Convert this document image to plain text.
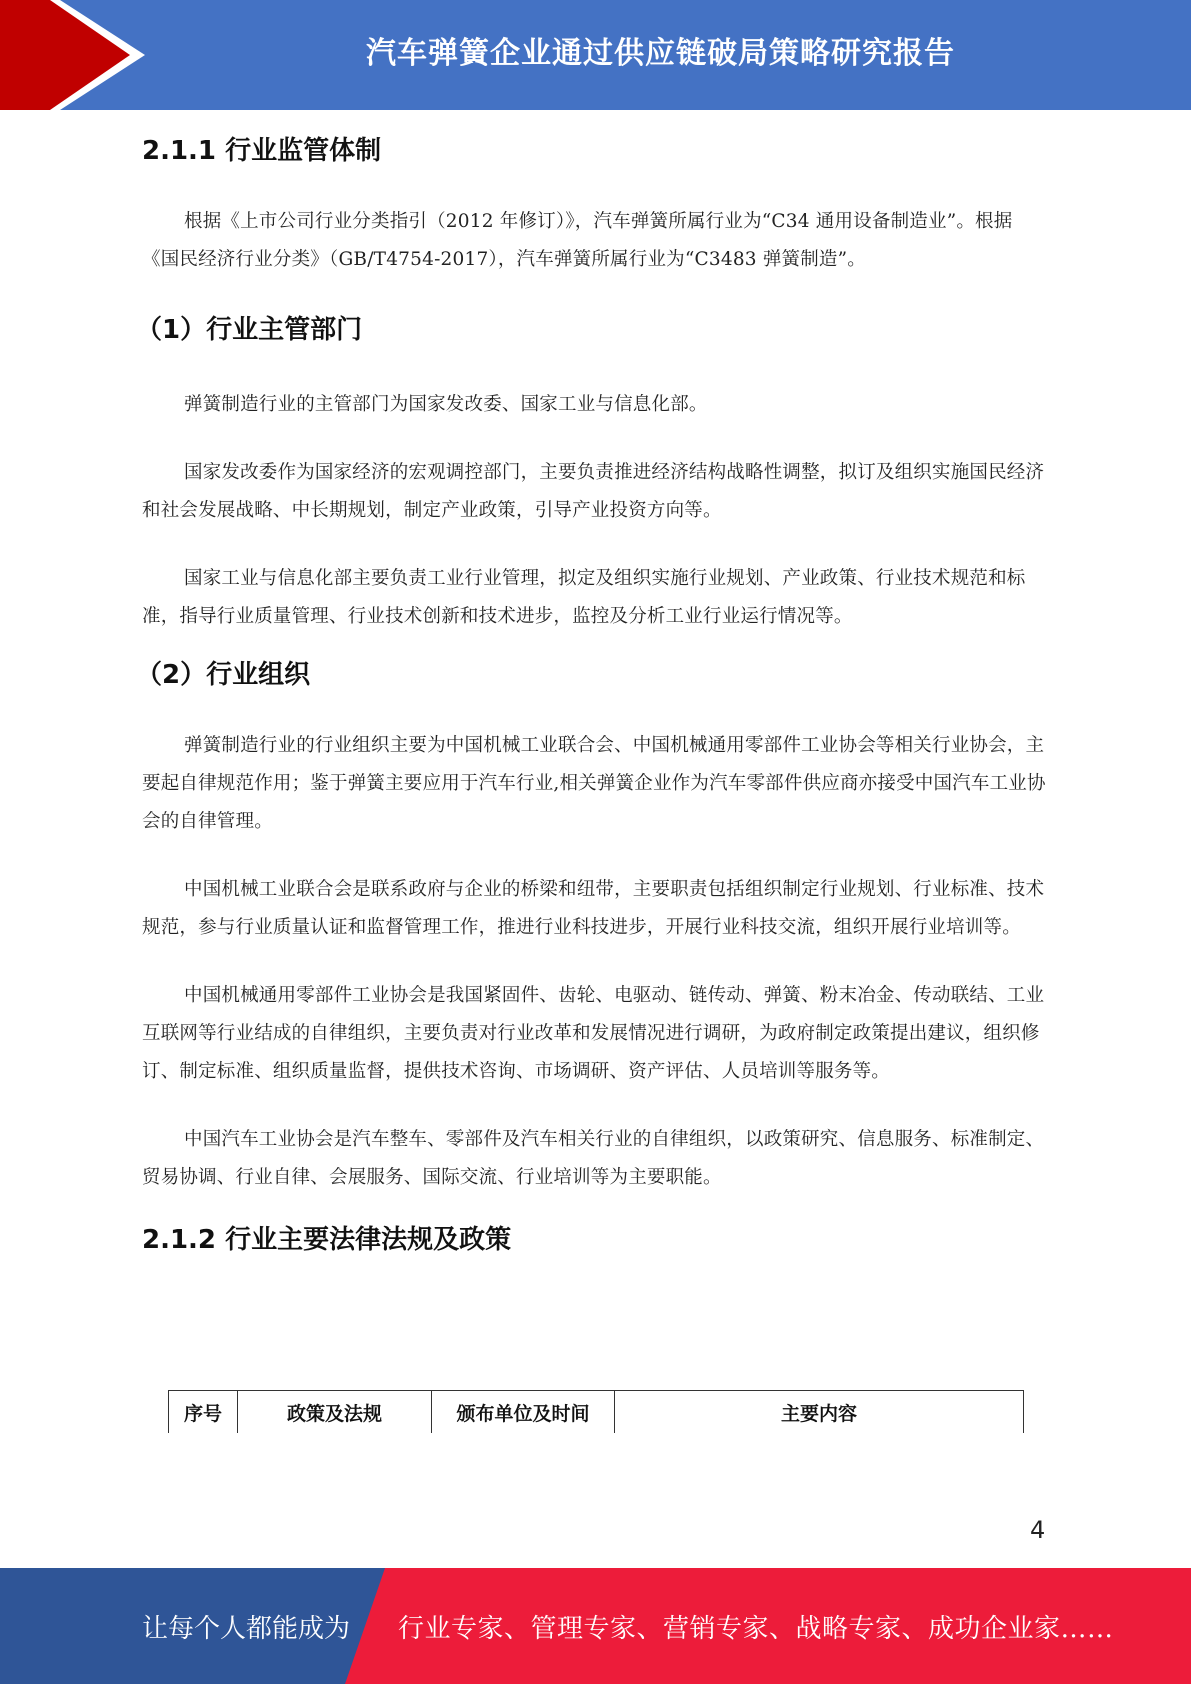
汽车弹簧企业通过供应链破局策略研究报告
2.1.1 行业监管体制

根据《上市公司行业分类指引（2012 年修订）》，汽车弹簧所属行业为“C34 通用设备制造业”。根据《国民经济行业分类》（GB/T4754-2017），汽车弹簧所属行业为“C3483 弹簧制造”。

（1）行业主管部门

弹簧制造行业的主管部门为国家发改委、国家工业与信息化部。

国家发改委作为国家经济的宏观调控部门，主要负责推进经济结构战略性调整，拟订及组织实施国民经济和社会发展战略、中长期规划，制定产业政策，引导产业投资方向等。

国家工业与信息化部主要负责工业行业管理，拟定及组织实施行业规划、产业政策、行业技术规范和标准，指导行业质量管理、行业技术创新和技术进步，监控及分析工业行业运行情况等。

（2）行业组织

弹簧制造行业的行业组织主要为中国机械工业联合会、中国机械通用零部件工业协会等相关行业协会，主要起自律规范作用；鉴于弹簧主要应用于汽车行业,相关弹簧企业作为汽车零部件供应商亦接受中国汽车工业协会的自律管理。

中国机械工业联合会是联系政府与企业的桥梁和纽带，主要职责包括组织制定行业规划、行业标准、技术规范，参与行业质量认证和监督管理工作，推进行业科技进步，开展行业科技交流，组织开展行业培训等。

中国机械通用零部件工业协会是我国紧固件、齿轮、电驱动、链传动、弹簧、粉末冶金、传动联结、工业互联网等行业结成的自律组织，主要负责对行业改革和发展情况进行调研，为政府制定政策提出建议，组织修订、制定标准、组织质量监督，提供技术咨询、市场调研、资产评估、人员培训等服务等。

中国汽车工业协会是汽车整车、零部件及汽车相关行业的自律组织，以政策研究、信息服务、标准制定、贸易协调、行业自律、会展服务、国际交流、行业培训等为主要职能。

2.1.2 行业主要法律法规及政策
序号	政策及法规	颁布单位及时间	主要内容
4
让每个人都能成为 行业专家、管理专家、营销专家、战略专家、成功企业家……
